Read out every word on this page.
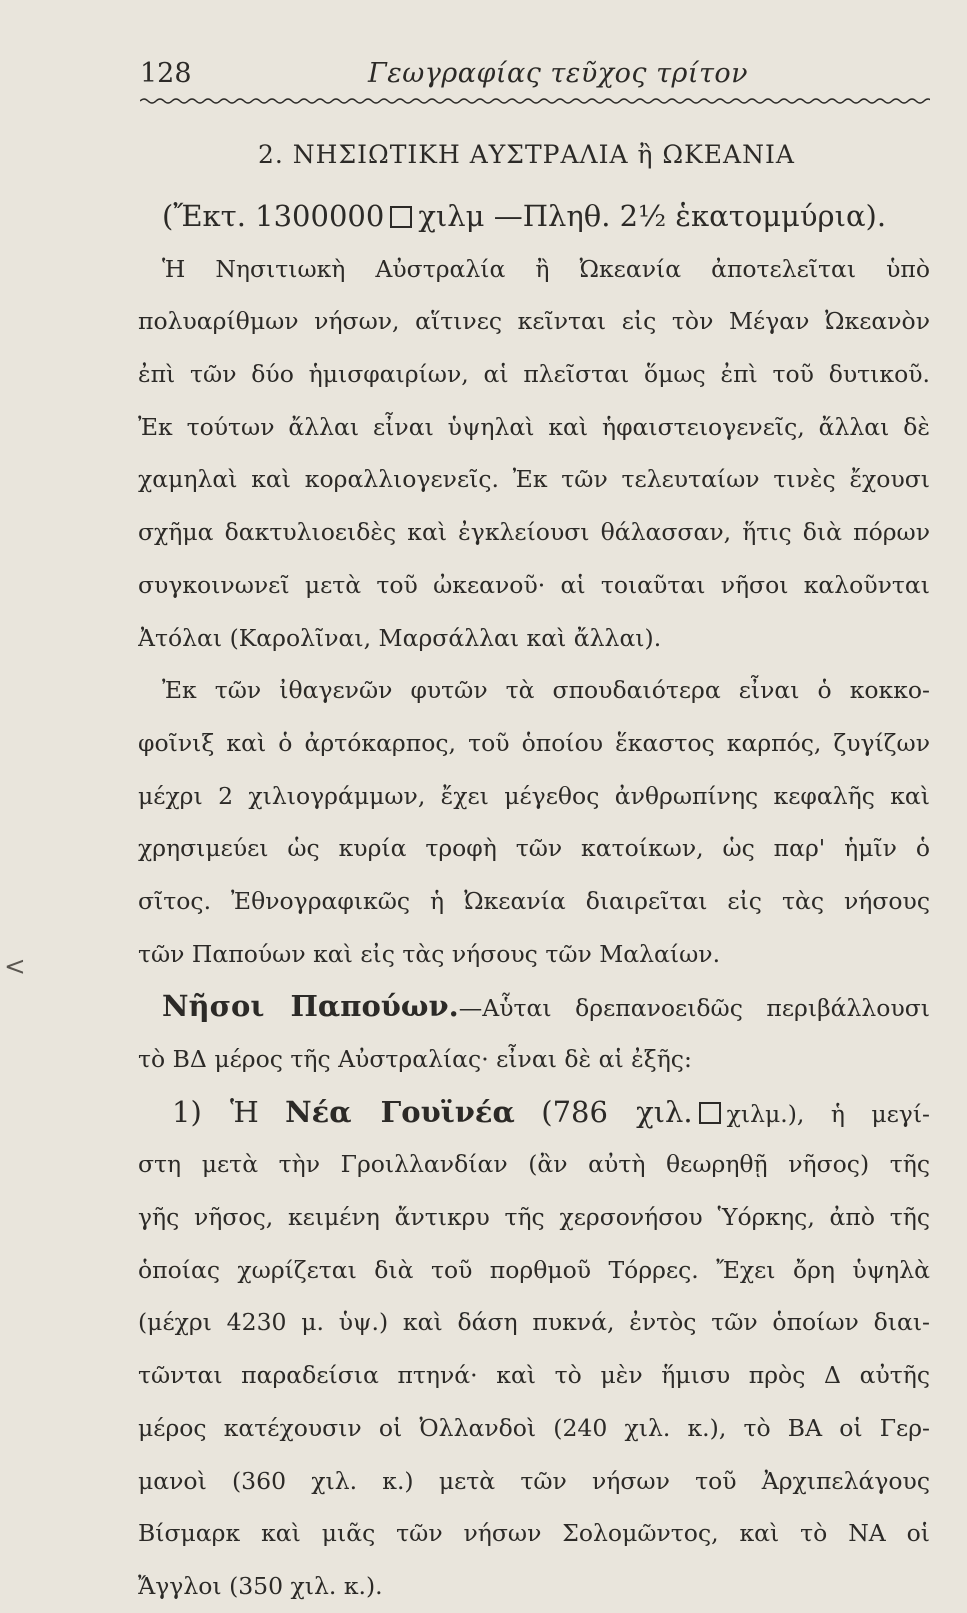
128	Γεωγραφίας τεῦχος τρίτον
2. ΝΗΣΙΩΤΙΚΗ ΑΥΣΤΡΑΛΙΑ ἢ ΩΚΕΑΝΙΑ
(Ἔκτ. 1300000 χιλμ —Πληθ. 2½ ἑκατομμύρια).
Ἡ Νησιτιωκὴ Αὐστραλία ἢ Ὠκεανία ἀποτελεῖται ὑπὸ
πολυαρίθμων νήσων, αἵτινες κεῖνται εἰς τὸν Μέγαν Ὠκεανὸν
ἐπὶ τῶν δύο ἡμισφαιρίων, αἱ πλεῖσται ὅμως ἐπὶ τοῦ δυτικοῦ.
Ἐκ τούτων ἄλλαι εἶναι ὑψηλαὶ καὶ ἡφαιστειογενεῖς, ἄλλαι δὲ
χαμηλαὶ καὶ κοραλλιογενεῖς. Ἐκ τῶν τελευταίων τινὲς ἔχουσι
σχῆμα δακτυλιοειδὲς καὶ ἐγκλείουσι θάλασσαν, ἥτις διὰ πόρων
συγκοινωνεῖ μετὰ τοῦ ὠκεανοῦ· αἱ τοιαῦται νῆσοι καλοῦνται
Ἀτόλαι (Καρολῖναι, Μαρσάλλαι καὶ ἄλλαι).
Ἐκ τῶν ἰθαγενῶν φυτῶν τὰ σπουδαιότερα εἶναι ὁ κοκκο-
φοῖνιξ καὶ ὁ ἀρτόκαρπος, τοῦ ὁποίου ἕκαστος καρπός, ζυγίζων
μέχρι 2 χιλιογράμμων, ἔχει μέγεθος ἀνθρωπίνης κεφαλῆς καὶ
χρησιμεύει ὡς κυρία τροφὴ τῶν κατοίκων, ὡς παρ' ἡμῖν ὁ
σῖτος. Ἐθνογραφικῶς ἡ Ὠκεανία διαιρεῖται εἰς τὰς νήσους
τῶν Παπούων καὶ εἰς τὰς νήσους τῶν Μαλαίων.
Νῆσοι Παπούων.—Αὗται δρεπανοειδῶς περιβάλλουσι
τὸ ΒΔ μέρος τῆς Αὐστραλίας· εἶναι δὲ αἱ ἐξῆς:
1) Ἡ Νέα Γουϊνέα (786 χιλ. χιλμ.), ἡ μεγί-
στη μετὰ τὴν Γροιλλανδίαν (ἂν αὐτὴ θεωρηθῇ νῆσος) τῆς
γῆς νῆσος, κειμένη ἄντικρυ τῆς χερσονήσου Ὑόρκης, ἀπὸ τῆς
ὁποίας χωρίζεται διὰ τοῦ πορθμοῦ Τόρρες. Ἔχει ὄρη ὑψηλὰ
(μέχρι 4230 μ. ὑψ.) καὶ δάση πυκνά, ἐντὸς τῶν ὁποίων διαι-
τῶνται παραδείσια πτηνά· καὶ τὸ μὲν ἥμισυ πρὸς Δ αὐτῆς
μέρος κατέχουσιν οἱ Ὀλλανδοὶ (240 χιλ. κ.), τὸ ΒΑ οἱ Γερ-
μανοὶ (360 χιλ. κ.) μετὰ τῶν νήσων τοῦ Ἀρχιπελάγους
Βίσμαρκ καὶ μιᾶς τῶν νήσων Σολομῶντος, καὶ τὸ ΝΑ οἱ
Ἄγγλοι (350 χιλ. κ.).
<
